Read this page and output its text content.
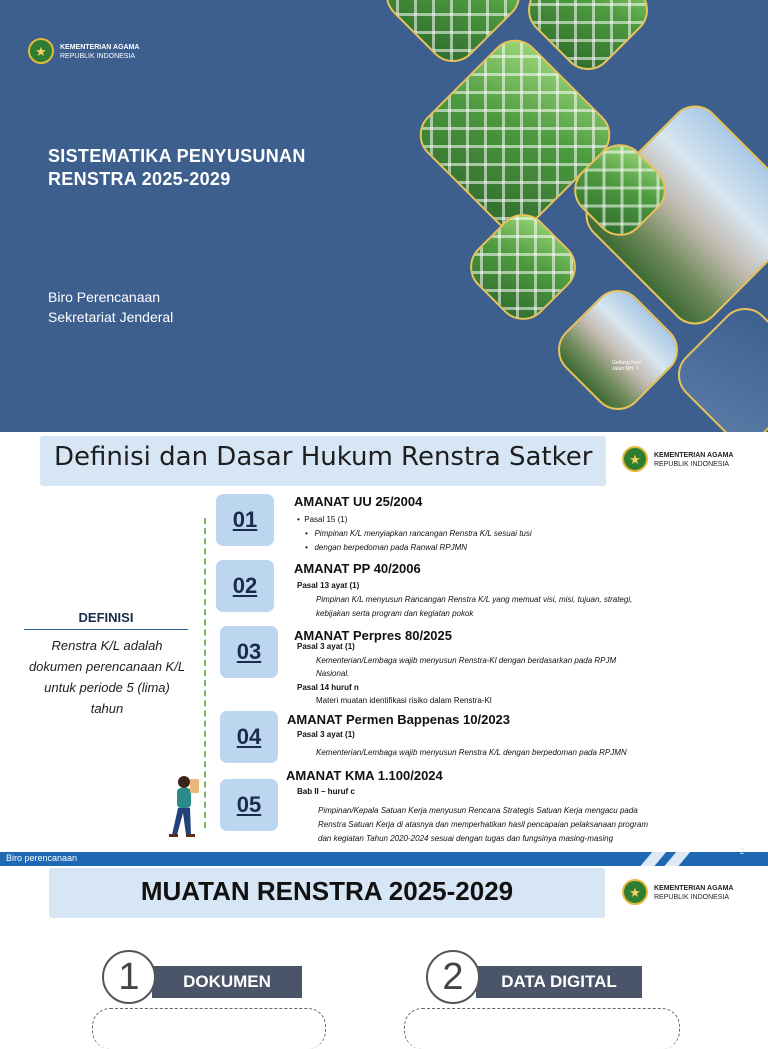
★ KEMENTERIAN AGAMA
REPUBLIK INDONESIA
SISTEMATIKA PENYUSUNAN
RENSTRA 2025-2029
Biro Perencanaan
Sekretariat Jenderal
Gedung Kem
Jalan MH. T
Definisi dan Dasar Hukum Renstra Satker	★ KEMENTERIAN AGAMA
REPUBLIK INDONESIA
DEFINISI
Renstra K/L adalah dokumen perencanaan K/L untuk periode 5 (lima) tahun
01
AMANAT UU 25/2004
•  Pasal 15 (1)
•   Pimpinan K/L menyiapkan rancangan Renstra K/L sesuai tusi
•   dengan berpedoman pada Ranwal RPJMN
02
AMANAT PP 40/2006
Pasal 13 ayat (1)
Pimpinan K/L menyusun Rancangan Renstra K/L yang memuat visi, misi, tujuan, strategi,
kebijakan serta program dan kegiatan pokok
03
AMANAT Perpres 80/2025
Pasal 3 ayat (1)
Kementerian/Lembaga wajib menyusun Renstra-Kl dengan berdasarkan pada RPJM
Nasional.
Pasal 14 huruf n
Materi muatan identifikasi risiko dalam Renstra-Kl
04
AMANAT Permen Bappenas 10/2023
Pasal 3 ayat (1)
Kementerian/Lembaga wajib menyusun Renstra K/L dengan berpedoman pada RPJMN
05
AMANAT KMA 1.100/2024
Bab II – huruf c
Pimpinan/Kepala Satuan Kerja menyusun Rencana Strategis Satuan Kerja mengacu pada
Renstra Satuan Kerja di atasnya dan memperhatikan hasil pencapaian pelaksanaan program
dan kegiatan Tahun 2020-2024 sesuai dengan tugas dan fungsinya masing-masing
Biro perencanaan
2
MUATAN RENSTRA 2025-2029	★ KEMENTERIAN AGAMA
REPUBLIK INDONESIA
1	DOKUMEN	2	DATA DIGITAL
